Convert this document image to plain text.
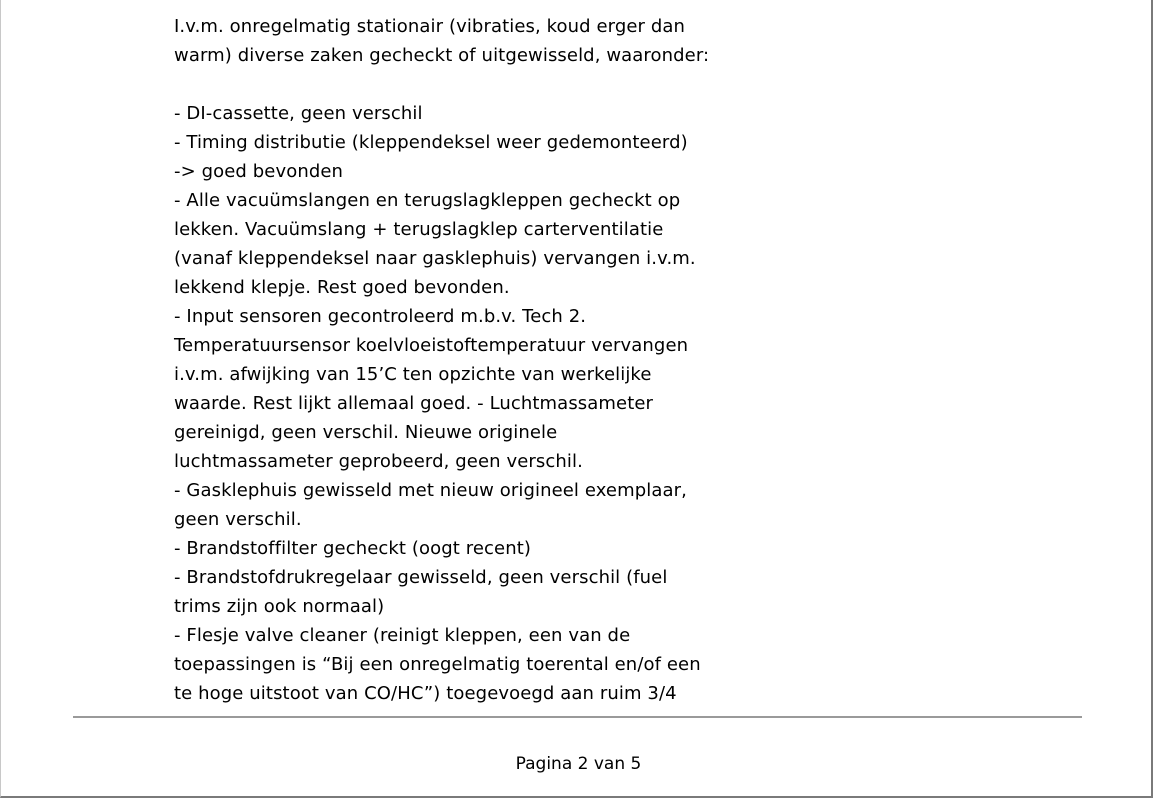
I.v.m. onregelmatig stationair (vibraties, koud erger dan
warm) diverse zaken gecheckt of uitgewisseld, waaronder:
- DI-cassette, geen verschil
- Timing distributie (kleppendeksel weer gedemonteerd)
-> goed bevonden
- Alle vacuümslangen en terugslagkleppen gecheckt op
lekken. Vacuümslang + terugslagklep carterventilatie
(vanaf kleppendeksel naar gasklephuis) vervangen i.v.m.
lekkend klepje. Rest goed bevonden.
- Input sensoren gecontroleerd m.b.v. Tech 2.
Temperatuursensor koelvloeistoftemperatuur vervangen
i.v.m. afwijking van 15’C ten opzichte van werkelijke
waarde. Rest lijkt allemaal goed. - Luchtmassameter
gereinigd, geen verschil. Nieuwe originele
luchtmassameter geprobeerd, geen verschil.
- Gasklephuis gewisseld met nieuw origineel exemplaar,
geen verschil.
- Brandstoffilter gecheckt (oogt recent)
- Brandstofdrukregelaar gewisseld, geen verschil (fuel
trims zijn ook normaal)
- Flesje valve cleaner (reinigt kleppen, een van de
toepassingen is “Bij een onregelmatig toerental en/of een
te hoge uitstoot van CO/HC”) toegevoegd aan ruim 3/4
Pagina 2 van 5
